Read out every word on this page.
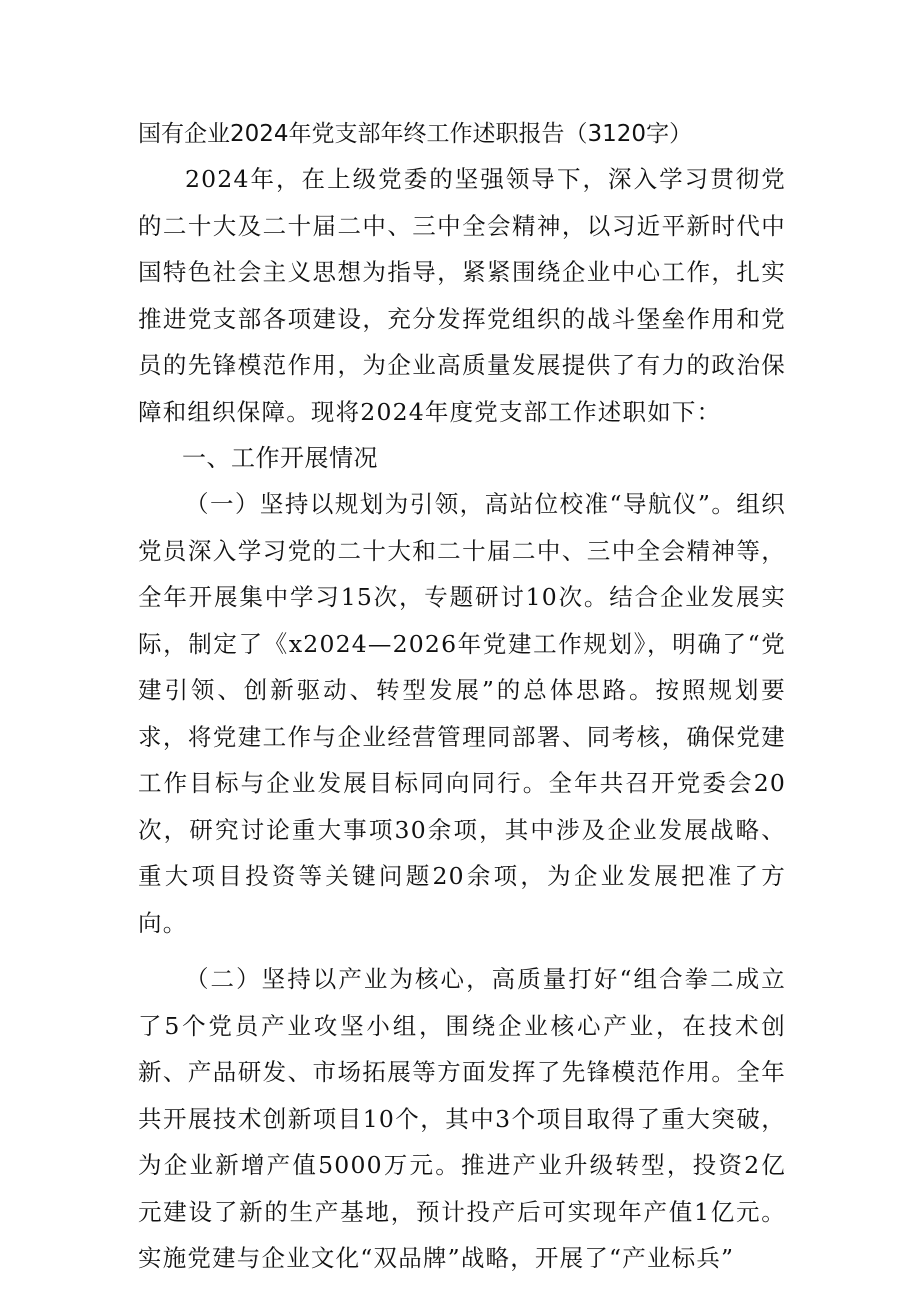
国有企业2024年党支部年终工作述职报告（3120字）

2024年，在上级党委的坚强领导下，深入学习贯彻党的二十大及二十届二中、三中全会精神，以习近平新时代中国特色社会主义思想为指导，紧紧围绕企业中心工作，扎实推进党支部各项建设，充分发挥党组织的战斗堡垒作用和党员的先锋模范作用，为企业高质量发展提供了有力的政治保障和组织保障。现将2024年度党支部工作述职如下：

一、工作开展情况

（一）坚持以规划为引领，高站位校准“导航仪”。组织党员深入学习党的二十大和二十届二中、三中全会精神等，全年开展集中学习15次，专题研讨10次。结合企业发展实际，制定了《x2024—2026年党建工作规划》，明确了“党建引领、创新驱动、转型发展”的总体思路。按照规划要求，将党建工作与企业经营管理同部署、同考核，确保党建工作目标与企业发展目标同向同行。全年共召开党委会20次，研究讨论重大事项30余项，其中涉及企业发展战略、重大项目投资等关键问题20余项，为企业发展把准了方向。

（二）坚持以产业为核心，高质量打好“组合拳二成立了5个党员产业攻坚小组，围绕企业核心产业，在技术创新、产品研发、市场拓展等方面发挥了先锋模范作用。全年共开展技术创新项目10个，其中3个项目取得了重大突破，为企业新增产值5000万元。推进产业升级转型，投资2亿元建设了新的生产基地，预计投产后可实现年产值1亿元。实施党建与企业文化“双品牌”战略，开展了“产业标兵”
